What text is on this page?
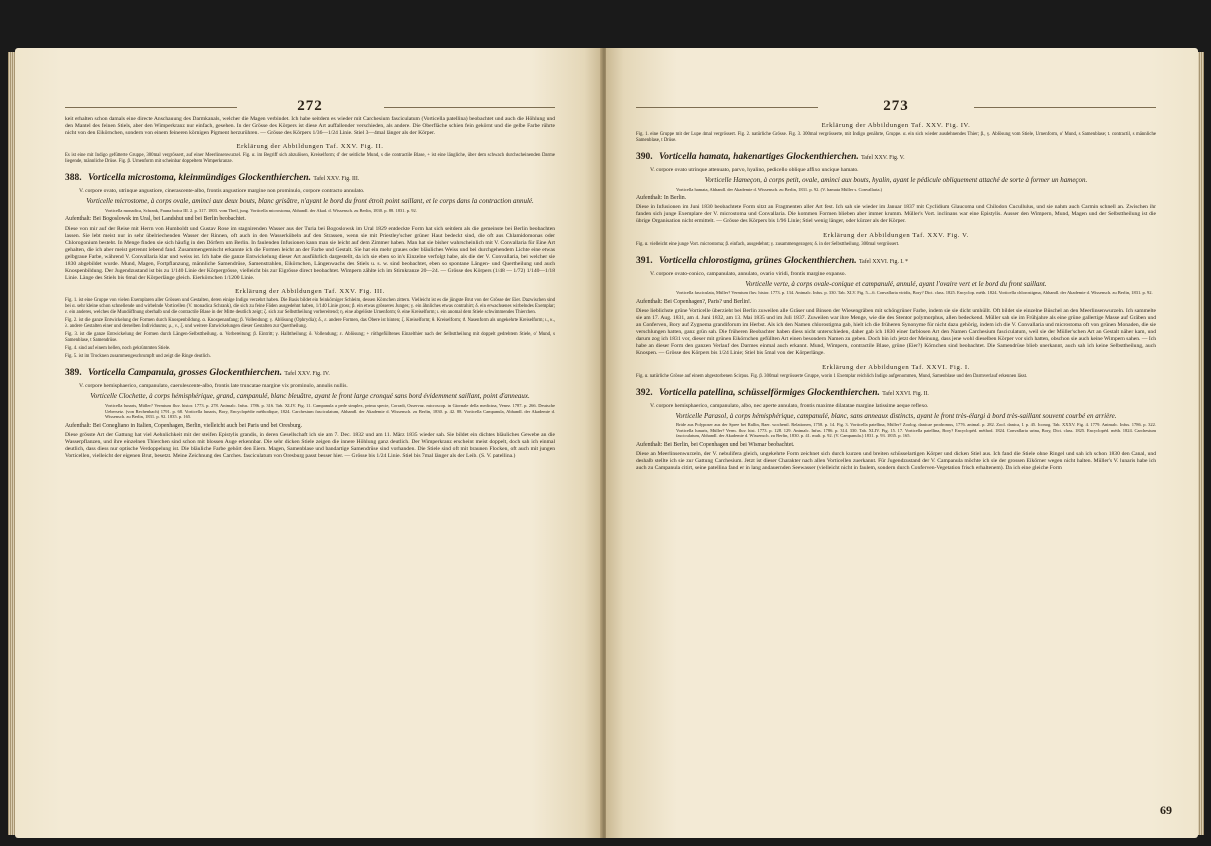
272

keit erhalten schon damals eine directe Anschauung des Darmkanals, welcher die Magen verbindet. Ich habe seitdem es wieder mit Carchesium fasciculatum (Vorticella patellina) beobachtet und auch die Höhlung und den Mantel des feinen Stiels, aber den Wimperkranz nur einfach, gesehen. In der Grösse des Körpers ist diese Art auffallender verschieden, als andere. Die Oberfläche schien fein gekörnt und die gelbe Farbe rührte nicht von den Eikörnchen, sondern von einem feineren körnigen Pigment herzurühren. — Grösse des Körpers 1/36—1/24 Linie. Stiel 3—4mal länger als der Körper.

Erklärung der Abbildungen Taf. XXV. Fig. II.

Es ist eine mit Indigo gefütterte Gruppe, 300mal vergrössert, auf einer Meerlinsenwurzel. Fig. α. im Begriff sich abzulösen, Kreiselform; d' der seitliche Mund, s die contractile Blase, + ist eine längliche, über dem schwach durchscheinenden Darme liegende, männliche Drüse. Fig. β. Urnenform mit scheinbar doppeltem Wimperkranze.

388. Vorticella microstoma, kleinmündiges Glockenthierchen. Tafel XXV. Fig. III.

V. corpore ovato, utrinque angustiore, cinerascente-albo, frontis angustiore margine non prominulo, corpore contracto annulato.

Vorticelle microstome, à corps ovale, aminci aux deux bouts, blanc grisâtre, n'ayant le bord du front étroit point saillant, et le corps dans la contraction annulé.

Vorticella monadica, Schrank, Fauna boica III. 2. p. 317. 1803. vom Theil, jung. Vorticella microstoma, Abhandl. der Akad. d. Wissensch. zu Berlin, 1830. p. 88. 1831. p. 92.

Aufenthalt: Bei Bogoslowsk im Ural, bei Landshut und bei Berlin beobachtet.

Diese von mir auf der Reise mit Herrn von Humboldt und Gustav Rose im stagnirenden Wasser aus der Turia bei Bogoslowsk im Ural 1829 entdeckte Form hat sich seitdem als die gemeinste bei Berlin beobachten lassen. Sie lebt meist nur in sehr übelriechenden Wasser der Rinnen, oft auch in den Wasserkübeln auf den Strassen, wenn sie mit Priestley'scher grüner Haut bedeckt sind, die oft aus Chlamidomonas oder Chlorogonium besteht. In Menge finden sie sich häufig in den Dörfern um Berlin. In faulenden Infusionen kann man sie leicht auf dem Zimmer haben. Man hat sie bisher wahrscheinlich mit V. Convallaria für Eine Art gehalten, die ich aber meist getrennt lebend fand. Zusammengemischt erkannte ich die Formen leicht an der Farbe und Gestalt. Sie hat ein mehr graues oder bläuliches Weiss und bei durchgehendem Lichte eine etwas gelbgraue Farbe, während V. Convallaria klar und weiss ist. Ich habe die ganze Entwickelung dieser Art ausführlich dargestellt, da ich sie eben so in's Einzelne verfolgt habe, als die der V. Convallaria, bei welcher sie 1830 abgebildet wurde. Mund, Magen, Fortpflanzung, männliche Samendrüse, Samenstrahlen, Eikörnchen, Längenwachs des Stiels u. s. w. sind beobachtet, eben so spontane Längen- und Quertheilung und auch Knospenbildung. Der Jugendzustand ist bis zu 1/140 Linie der Körpergrösse, vielleicht bis zur Eigrösse direct beobachtet. Wimpern zählte ich im Stirnkranze 20—24. — Grösse des Körpers (1/48 — 1/72) 1/140—1/18 Linie. Länge des Stiels bis 6mal der Körperlänge gleich. Eierkörnchen 1/1200 Linie.

Erklärung der Abbildungen Taf. XXV. Fig. III.

Fig. 1. ist eine Gruppe von vielen Exemplaren aller Grössen und Gestalten, deren einige Indigo verzehrt haben. Die Basis bildet ein feinkörniger Schleim, dessen Körnchen zittern. Vielleicht ist es die jüngste Brut von der Grösse der Eier. Dazwischen sind bei α. sehr kleine schon schnellende und wirbelnde Vorticellen (V. monadica Schrank), die sich zu feine Fäden ausgedehnt haben, 1/140 Linie gross; β. ein etwas grösseres Junges; γ. ein ähnliches etwas contrahirt; δ. ein erwachsenes wirbelndes Exemplar; ε. ein anderes, welches die Mundöffnung oberhalb und die contractile Blase in der Mitte deutlich zeigt; ζ. sich zur Selbsttheilung vorbereitend; η. eine abgelöste Urnenform; θ. eine Kreiselform; ι. ein anomal dem Stiele schwimmendes Thierchen.

Fig. 2. ist die ganze Entwickelung der Formen durch Knospenbildung. α. Knospenanfang; β. Vollendung; γ. Ablösung (Ophrydia); δ., ε. andere Formen, das Obere ist hinten; ζ. Kreiselform; θ. Kreiselform; ϑ. Nasenform als ungekehrte Kreiselform; ι., κ., λ. andere Gestalten einer und derselben Individuums; μ., ν., ξ. und weitere Entwickelungen dieser Gestalten zur Quertheilung.

Fig. 3. ist die ganze Entwickelung der Formen durch Längen-Selbsttheilung. α. Vorbereitung; β. Eintritt; γ. Halbtheilung; δ. Vollendung; ε. Ablösung; + röthgefülltenes Einzelthier nach der Selbsttheilung mit doppelt gedrehtem Stiele, o' Mund, s Samenblase, t Samendrüse.

Fig. 4. sind auf einem hellen, noch gekrümmten Stiele.

Fig. 5. ist im Trocknen zusammengeschrumpft und zeigt die Ringe deutlich.

389. Vorticella Campanula, grosses Glockenthierchen. Tafel XXV. Fig. IV.

V. corpore hemisphaerico, campanulato, caerulescente-albo, frontis late truncatae margine vix prominulo, annulis nullis.

Vorticelle Clochette, à corps hémisphérique, grand, campanulé, blanc bleuâtre, ayant le front large cronqué sans bord évidemment saillant, point d'anneaux.

Vorticella lunaris, Müller? Vermium fluv. histor. 1773. p. 278. Animalc. Infus. 1786. p. 316. Tab. XLIV. Fig. 11. Campanula a pede simplex, prima specie, Corradi, Osservaz. microscop. in Giornale della medicina, Venez. 1787. p. 266. Deutsche Uebersetz. (von Rechenbach) 1791. p. 68. Vorticella lunaris, Bory, Encyclopédie méthodique, 1824. Carchesium fasciculatum, Abhandl. der Akademie d. Wissensch. zu Berlin, 1830. p. 42. 88. Vorticella Campanula, Abhandl. der Akademie d. Wissensch. zu Berlin, 1831. p. 92. 1835. p. 165.

Aufenthalt: Bei Conegliano in Italien, Copenhagen, Berlin, vielleicht auch bei Paris und bei Oresburg.

Diese grösste Art der Gattung hat viel Aehnlichkeit mit der steifen Epistylis grandis, in deren Gesellschaft ich sie am 7. Dec. 1832 und am 11. März 1835 wieder sah. Sie bildet ein dichtes bläuliches Gewebe an die Wasserpflanzen, und ihre einzelnen Thierchen sind schon mit blossen Auge erkennbar. Die sehr dicken Stiele zeigen die innere Höhlung ganz deutlich. Der Wimperkranz erscheint meist doppelt, doch sah ich einmal deutlich, dass diess nur optische Verdoppelung ist. Die bläuliche Farbe gehört den Eiern. Magen, Samenblase und bandartige Samendrüse sind vorhanden. Die Stiele sind oft mit braunen Flocken, oft auch mit jungen Vorticellen, vielleicht der eigenen Brut, besetzt. Meine Zeichnung des Carches. fasciculatum von Oresburg passt besser hier. — Grösse bis 1/24 Linie. Stiel bis 7mal länger als der Leib. (S. V. patellina.)

273
Erklärung der Abbildungen Taf. XXV. Fig. IV.

Fig. 1. eine Gruppe mit der Lupe 4mal vergrössert. Fig. 2. natürliche Grösse. Fig. 3. 300mal vergrösserte, mit Indigo genährte, Gruppe. α. ein sich wieder ausdehnendes Thier; β., γ. Ablösung vom Stiele, Urnenform, o' Mund, s Samenblase; t. contractil, s männliche Samenblase, t Drüse.

390. Vorticella hamata, hakenartiges Glockenthierchen. Tafel XXV. Fig. V.

V. corpore ovato utrinque attenuato, parvo, hyalino, pedicello oblique affixo uncique hamato.

Vorticelle Hameçon, à corps petit, ovale, aminci aux bouts, hyalin, ayant le pédicule obliquement attaché de sorte à former un hameçon.

Vorticella hamata, Abhandl. der Akademie d. Wissensch. zu Berlin, 1831. p. 92. (V. hamata Müller s. Convallaria.)

Aufenthalt: In Berlin.

Diese in Infusionen im Juni 1830 beobachtete Form sitzt an Fragmenten aller Art fest. Ich sah sie wieder im Januar 1837 mit Cyclidium Glaucoma und Chilodon Cucullulus, und sie nahm auch Carmin schnell an. Zwischen ihr fanden sich junge Exemplare der V. microstoma und Convallaria. Die kommen Formen blieben aber immer krumm. Müller's Vort. inclinans war eine Epistylis. Ausser den Wimpern, Mund, Magen und der Selbsttheilung ist die übrige Organisation nicht ermittelt. — Grösse des Körpers bis 1/96 Linie; Stiel wenig länger, oder kürzer als der Körper.

Erklärung der Abbildungen Taf. XXV. Fig. V.

Fig. α. vielleicht eine junge Vort. microstoma; β. einfach, ausgedehnt; γ. zusammengezogen; δ. in der Selbsttheilung. 300mal vergrössert.

391. Vorticella chlorostigma, grünes Glockenthierchen. Tafel XXVI. Fig. I. *

V. corpore ovato-conico, campanulato, annulato, ovario viridi, frontis margine expanso.

Vorticelle verte, à corps ovale-conique et campanulé, annulé, ayant l'ovaire vert et le bord du front saillant.

Vorticella fasciculata, Müller? Vermium fluv. histor. 1773. p. 134. Animalc. Infus. p. 330. Tab. XLV. Fig. 5—6. Convallaria viridis, Bory? Dict. class. 1825. Encyclop. méth. 1824. Vorticella chlorostigma, Abhandl. der Akademie d. Wissensch. zu Berlin, 1831. p. 92.

Aufenthalt: Bei Copenhagen?, Paris? und Berlin!.

Diese lieblichste grüne Vorticelle überzieht bei Berlin zuweilen alle Gräser und Binsen der Wiesengräben mit schöngrüner Farbe, indem sie sie dicht umhüllt. Oft bildet sie einzelne Büschel an den Meerlinsenwurzeln. Ich sammelte sie am 17. Aug. 1831, am 4. Juni 1832, am 13. Mai 1835 und im Juli 1837. Zuweilen war ihre Menge, wie die des Stentor polymorphus, allen bedeckend. Müller sah sie im Frühjahre als eine grüne gallertige Masse auf Gräben und an Conferven, Bory auf Zygnema grandiforum im Herbst. Als ich den Namen chlorostigma gab, hielt ich die früheren Synonyme für nicht dazu gehörig, indem ich die V. Convallaria und microstoma oft von grünen Monaden, die sie verschlungen hatten, ganz grün sah. Die früheren Beobachter haben diess nicht unterschieden, daher gab ich 1830 einer farblosen Art den Namen Carchesium fasciculatum, weil sie der Müller'schen Art an Gestalt näher kam, und darum zog ich 1831 vor, dieser mit grünen Eikörnchen gefüllten Art einen besondern Namen zu geben. Doch bin ich jetzt der Meinung, dass jene wohl dieselben Körper vor sich hatten, obschon sie auch keine Wimpern sahen. — Ich habe an dieser Form den ganzen Verlauf des Darmes einmal auch erkannt. Mund, Wimpern, contractile Blase, grüne (Eier?) Körnchen sind beobachtet. Die Samendrüse blieb unerkannt, auch sah ich keine Selbsttheilung, auch Knospen. — Grösse des Körpers bis 1/24 Linie; Stiel bis 5mal von der Körperlänge.

Erklärung der Abbildungen Taf. XXVI. Fig. I.

Fig. α. natürliche Grösse auf einem abgestorbenen Scirpus. Fig. β. 300mal vergrösserte Gruppe, worin 1 Exemplar reichlich Indigo aufgenommen, Mund, Samenblase und den Darmverlauf erkennen lässt.

392. Vorticella patellina, schüsselförmiges Glockenthierchen. Tafel XXVI. Fig. II.

V. corpore hemisphaerico, campanulato, albo, nec aperte annulato, frontis maxime dilatatae margine latissime aeque reflexo.

Vorticelle Parasol, à corps hémisphérique, campanulé, blanc, sans anneaux distincts, ayant le front très-élargi à bord très-saillant souvent courbé en arrière.

Bride aus Polyposer aus der Spree bei Rallin, Baer. wochentl. Relationen, 1758. p. 14. Fig. 3. Vorticella patellina, Müller? Zoolog. danicae prodromus, 1776. animal. p. 282. Zool. danica, I. p. 45. Iconog. Tab. XXXV. Fig. 4. 1779. Animalc. Infus. 1786. p. 322. Vorticella lunaris, Müller? Verm. fluv. hist. 1773. p. 128. 129. Animalc. Infus. 1786. p. 314. 330. Tab. XLIV. Fig. 15. 17. Vorticella patellina, Bory? Encyclopéd. méthod. 1824. Convallaria urina, Bory, Dict. class. 1825. Encyclopéd. méth. 1824. Carchesium fasciculatum, Abhandl. der Akademie d. Wissensch. zu Berlin, 1830. p. 41. mult. p. 92. (V. Campanula.) 1831. p. 93. 1835. p. 165.

Aufenthalt: Bei Berlin, bei Copenhagen und bei Wismar beobachtet.

Diese an Meerlinsenwurzeln, der V. nebulifera gleich, ungekehrte Form zeichnet sich durch kurzen und breiten schüsselartigen Körper und dicken Stiel aus. Ich fand die Stiele ohne Ringel und sah ich schon 1830 den Canal, und deshalb stellte ich sie zur Gattung Carchesium. Jetzt ist dieser Charakter nach allen Vorticellen zuerkannt. Für Jugendzustand der V. Campanula möchte ich sie der grossen Eikörner wegen nicht halten. Müller's V. lunaris habe ich auch zu Campanula citirt, seine patellina fand er in lang andauernden Seewasser (vielleicht nicht in faulem, sondern durch Conferven-Vegetation frisch erhaltenem). Da ich eine gleiche Form

69
